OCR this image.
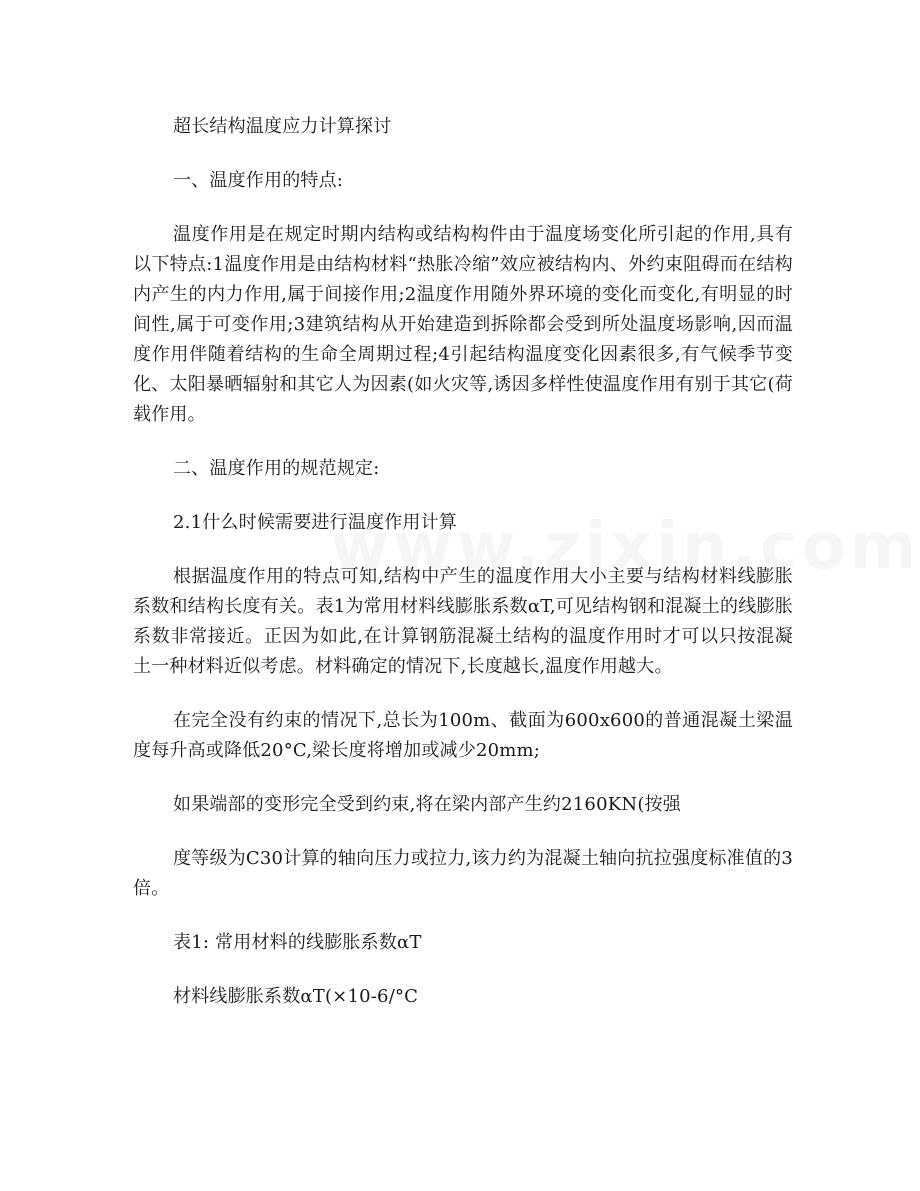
超长结构温度应力计算探讨

一、温度作用的特点:

温度作用是在规定时期内结构或结构构件由于温度场变化所引起的作用,具有以下特点:1温度作用是由结构材料“热胀冷缩”效应被结构内、外约束阻碍而在结构内产生的内力作用,属于间接作用;2温度作用随外界环境的变化而变化,有明显的时间性,属于可变作用;3建筑结构从开始建造到拆除都会受到所处温度场影响,因而温度作用伴随着结构的生命全周期过程;4引起结构温度变化因素很多,有气候季节变化、太阳暴晒辐射和其它人为因素(如火灾等,诱因多样性使温度作用有别于其它(荷载作用。

二、温度作用的规范规定:

2.1什么时候需要进行温度作用计算

根据温度作用的特点可知,结构中产生的温度作用大小主要与结构材料线膨胀系数和结构长度有关。表1为常用材料线膨胀系数αT,可见结构钢和混凝土的线膨胀系数非常接近。正因为如此,在计算钢筋混凝土结构的温度作用时才可以只按混凝土一种材料近似考虑。材料确定的情况下,长度越长,温度作用越大。

在完全没有约束的情况下,总长为100m、截面为600x600的普通混凝土梁温度每升高或降低20°C,梁长度将增加或减少20mm;

如果端部的变形完全受到约束,将在梁内部产生约2160KN(按强

度等级为C30计算的轴向压力或拉力,该力约为混凝土轴向抗拉强度标准值的3倍。

表1: 常用材料的线膨胀系数αT

材料线膨胀系数αT(×10-6/°C
